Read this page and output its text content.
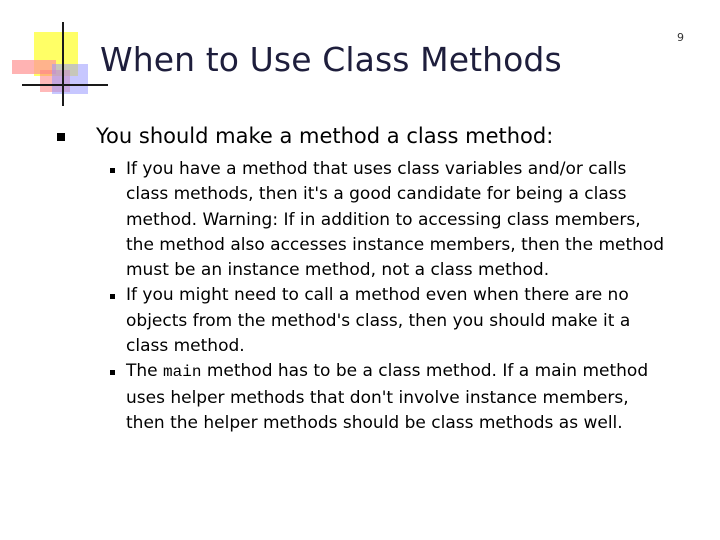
9
When to Use Class Methods
You should make a method a class method:
If you have a method that uses class variables and/or calls class methods, then it's a good candidate for being a class method. Warning: If in addition to accessing class members, the method also accesses instance members, then the method must be an instance method, not a class method.
If you might need to call a method even when there are no objects from the method's class, then you should make it a class method.
The main method has to be a class method. If a main method uses helper methods that don't involve instance members, then the helper methods should be class methods as well.
